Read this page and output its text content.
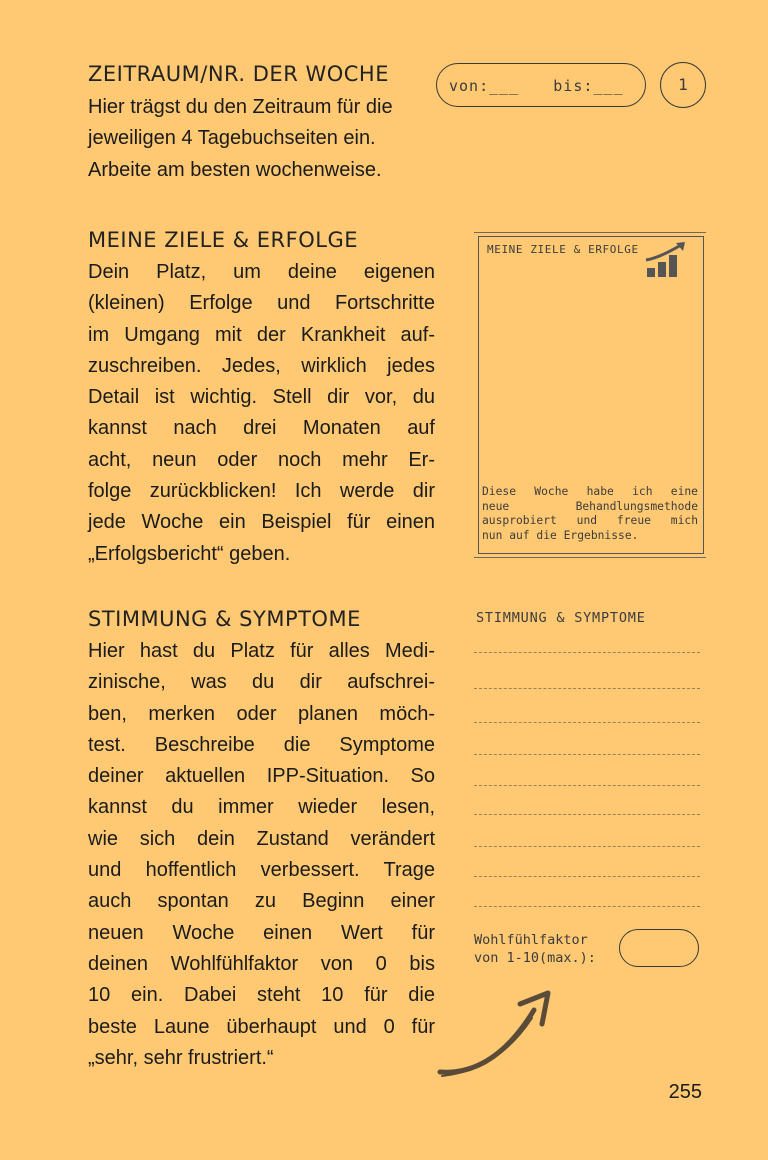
ZEITRAUM/NR. DER WOCHE
Hier trägst du den Zeitraum für die
jeweiligen 4 Tagebuchseiten ein.
Arbeite am besten wochenweise.
MEINE ZIELE & ERFOLGE
Dein Platz, um deine eigenen
(kleinen) Erfolge und Fortschritte
im Umgang mit der Krankheit auf-
zuschreiben. Jedes, wirklich jedes
Detail ist wichtig. Stell dir vor, du
kannst nach drei Monaten auf
acht, neun oder noch mehr Er-
folge zurückblicken! Ich werde dir
jede Woche ein Beispiel für einen
„Erfolgsbericht“ geben.
STIMMUNG & SYMPTOME
Hier hast du Platz für alles Medi-
zinische, was du dir aufschrei-
ben, merken oder planen möch-
test. Beschreibe die Symptome
deiner aktuellen IPP-Situation. So
kannst du immer wieder lesen,
wie sich dein Zustand verändert
und hoffentlich verbessert. Trage
auch spontan zu Beginn einer
neuen Woche einen Wert für
deinen Wohlfühlfaktor von 0 bis
10 ein. Dabei steht 10 für die
beste Laune überhaupt und 0 für
„sehr, sehr frustriert.“
von:___ bis:___	1
MEINE ZIELE & ERFOLGE
Diese Woche habe ich eine
neue Behandlungsmethode
ausprobiert und freue mich
nun auf die Ergebnisse.
STIMMUNG & SYMPTOME
Wohlfühlfaktor
von 1-10(max.):
255
